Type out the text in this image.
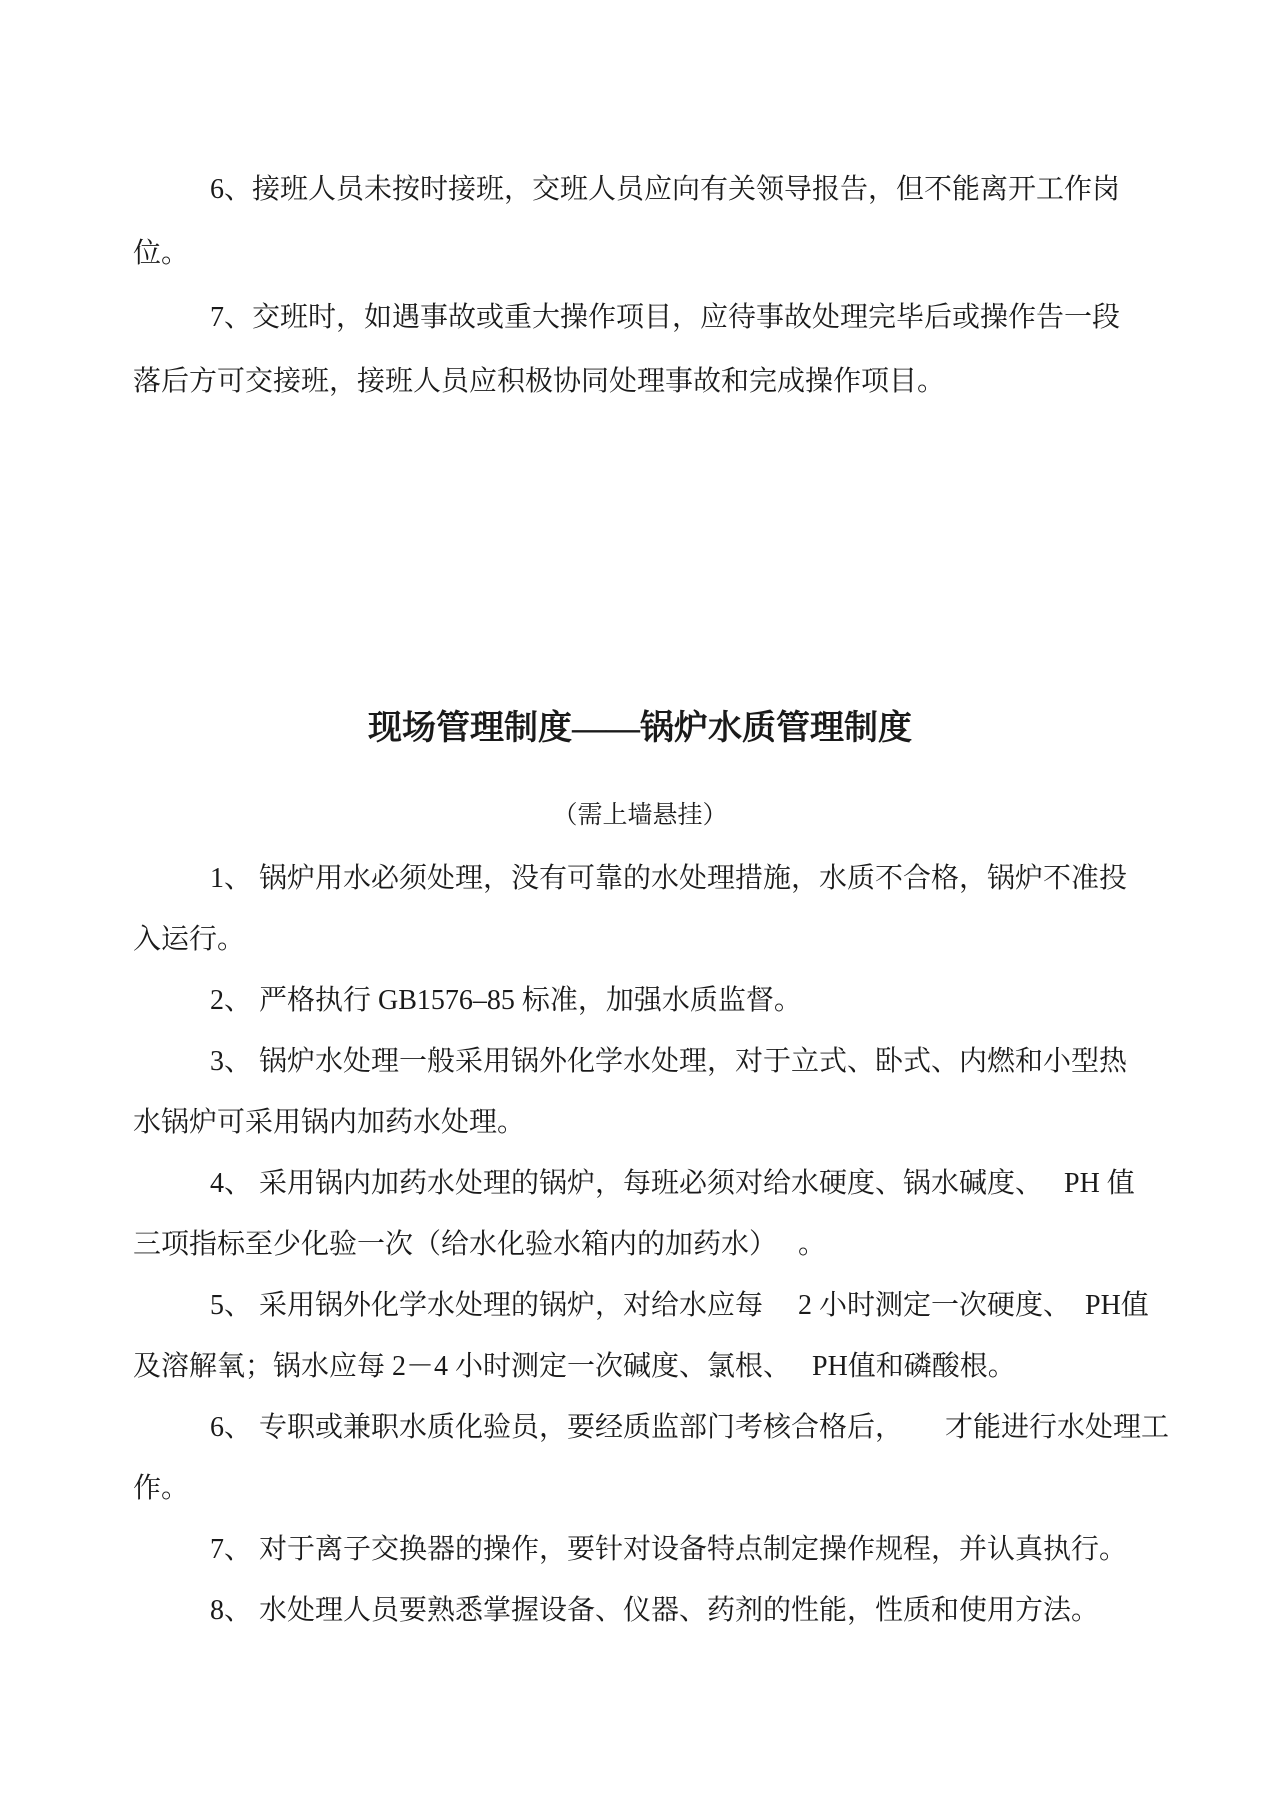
6、接班人员未按时接班，交班人员应向有关领导报告，但不能离开工作岗
位。
7、交班时，如遇事故或重大操作项目，应待事故处理完毕后或操作告一段
落后方可交接班，接班人员应积极协同处理事故和完成操作项目。
现场管理制度——锅炉水质管理制度
（需上墙悬挂）
1、 锅炉用水必须处理，没有可靠的水处理措施，水质不合格，锅炉不准投
入运行。
2、 严格执行 GB1576–85 标准，加强水质监督。
3、 锅炉水处理一般采用锅外化学水处理，对于立式、卧式、内燃和小型热
水锅炉可采用锅内加药水处理。
4、 采用锅内加药水处理的锅炉，每班必须对给水硬度、锅水碱度、　 PH 值
三项指标至少化验一次（给水化验水箱内的加药水）　 。
5、 采用锅外化学水处理的锅炉，对给水应每　 2 小时测定一次硬度、　PH值
及溶解氧；锅水应每 2－4 小时测定一次碱度、氯根、　 PH值和磷酸根。
6、 专职或兼职水质化验员，要经质监部门考核合格后，　　才能进行水处理工
作。
7、 对于离子交换器的操作，要针对设备特点制定操作规程，并认真执行。
8、 水处理人员要熟悉掌握设备、仪器、药剂的性能，性质和使用方法。
